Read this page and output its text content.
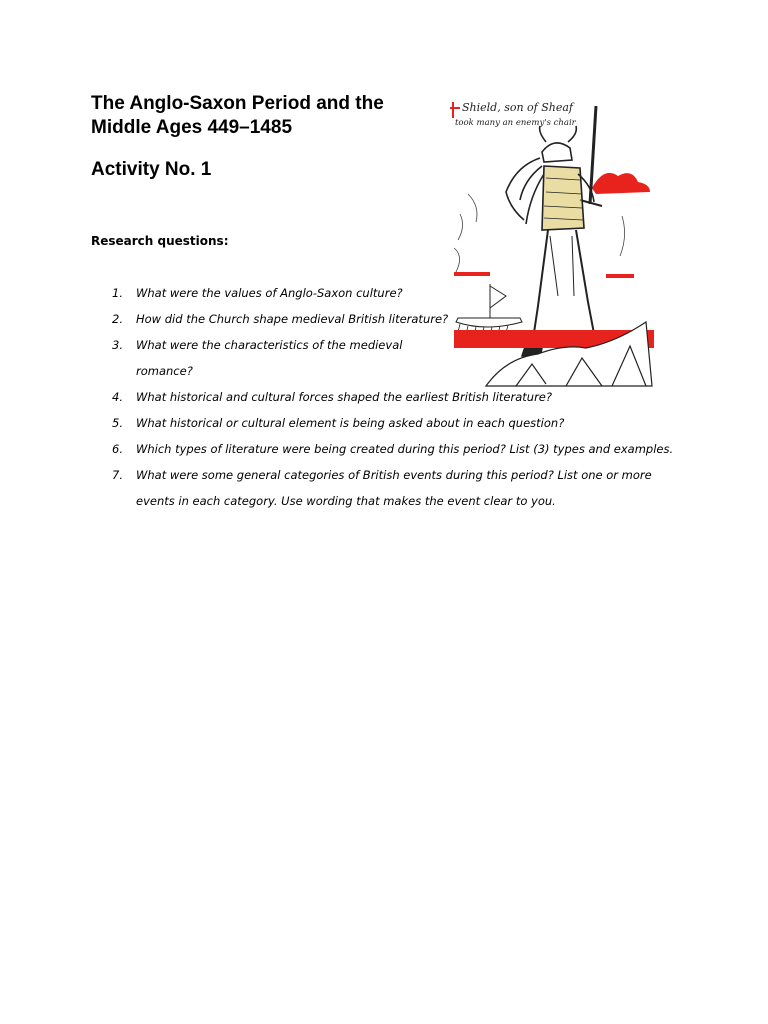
The Anglo-Saxon Period and the Middle Ages 449–1485
Activity No. 1

Research questions:

1. What were the values of Anglo-Saxon culture?
2. How did the Church shape medieval British literature?
3. What were the characteristics of the medieval romance?
4. What historical and cultural forces shaped the earliest British literature?
5. What historical or cultural element is being asked about in each question?
6. Which types of literature were being created during this period? List (3) types and examples.
7. What were some general categories of British events during this period? List one or more events in each category. Use wording that makes the event clear to you.
Shield, son of Sheaf
took many an enemy's chair
